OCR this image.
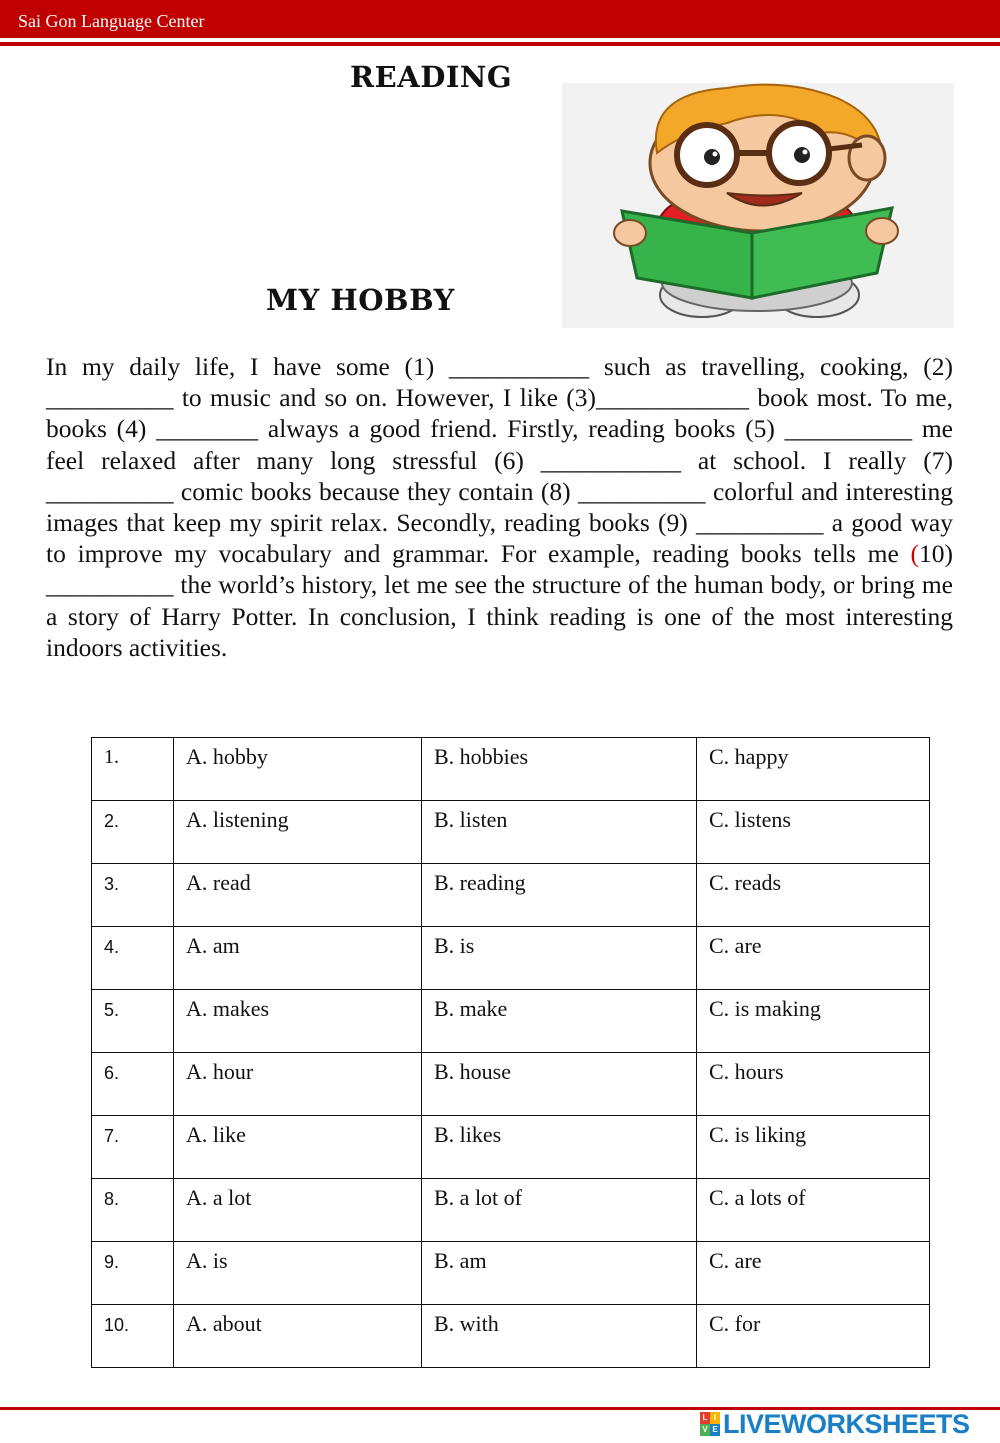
Sai Gon Language Center
READING
MY HOBBY
In my daily life, I have some (1) ___________ such as travelling, cooking, (2) __________ to music and so on. However, I like (3)____________ book most. To me, books (4) ________ always a good friend. Firstly, reading books (5) __________ me feel relaxed after many long stressful (6) ___________ at school. I really (7) __________ comic books because they contain (8) __________ colorful and interesting images that keep my spirit relax. Secondly, reading books (9) __________ a good way to improve my vocabulary and grammar. For example, reading books tells me (10) __________ the world’s history, let me see the structure of the human body, or bring me a story of Harry Potter. In conclusion, I think reading is one of the most interesting indoors activities.
1.	A. hobby	B. hobbies	C. happy
2.	A. listening	B. listen	C. listens
3.	A. read	B. reading	C. reads
4.	A. am	B. is	C. are
5.	A. makes	B. make	C. is making
6.	A. hour	B. house	C. hours
7.	A. like	B. likes	C. is liking
8.	A. a lot	B. a lot of	C. a lots of
9.	A. is	B. am	C. are
10.	A. about	B. with	C. for
L I
V E LIVEWORKSHEETS
